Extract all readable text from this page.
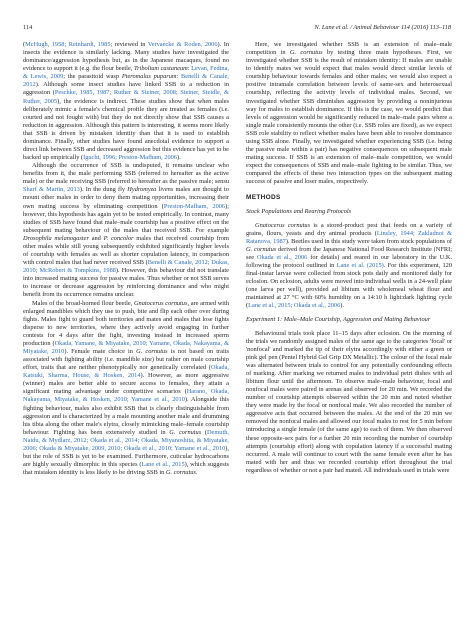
114	N. Lane et al. / Animal Behaviour 114 (2016) 113–118

(McHugh, 1958; Reinhardt, 1985; reviewed in Vervaecke & Roden, 2006). In insects the evidence is similarly lacking. Many studies have investigated the dominance/aggression hypothesis but, as in the Japanese macaques, found no evidence to support it (e.g. the flour beetle, Tribolium castaneum: Levan, Fedina, & Lewis, 2009; the parasitoid wasp Pteromalus puparum: Benelli & Canale, 2012). Although some insect studies have linked SSB to a reduction in aggression (Peschke, 1985, 1987; Ruther & Steiner, 2008; Steiner, Steidle, & Ruther, 2005), the evidence is indirect. These studies show that when males deliberately mimic a female's chemical profile they are treated as females (i.e. courted and not fought with) but they do not directly show that SSB causes a reduction in aggression. Although this pattern is interesting, it seems more likely that SSB is driven by mistaken identity than that it is used to establish dominance. Finally, other studies have found anecdotal evidence to support a direct link between SSB and decreased aggression but this evidence has yet to be backed up empirically (Iguchi, 1996; Preston-Mafham, 2006).

Although the occurrence of SSB is undisputed, it remains unclear who benefits from it, the male performing SSB (referred to hereafter as the active male) or the male receiving SSB (referred to hereafter as the passive male; sensu Sharf & Martin, 2013). In the dung fly Hydromyza livens males are thought to mount other males in order to deny them mating opportunities, increasing their own mating success by eliminating competition (Preston-Mafham, 2006); however, this hypothesis has again yet to be tested empirically. In contrast, many studies of SSB have found that male–male courtship has a positive effect on the subsequent mating behaviour of the males that received SSB. For example Drosophila melanogaster and P. concolor males that received courtship from other males while still young subsequently exhibited significantly higher levels of courtship with females as well as shorter copulation latency, in comparison with control males that had never received SSB (Benelli & Canale, 2012; Dukas, 2010; McRobert & Tompkins, 1988). However, this behaviour did not translate into increased mating success for passive males. Thus whether or not SSB serves to increase or decrease aggression by reinforcing dominance and who might benefit from its occurrence remains unclear.

Males of the broad-horned flour beetle, Gnatocerus cornutus, are armed with enlarged mandibles which they use to push, bite and flip each other over during fights. Males fight to guard both territories and mates and males that lose fights disperse to new territories, where they actively avoid engaging in further contests for 4 days after the fight, investing instead in increased sperm production (Okada, Yamane, & Miyatake, 2010; Yamane, Okada, Nakayama, & Miyatake, 2010). Female mate choice in G. cornutus is not based on traits associated with fighting ability (i.e. mandible size) but rather on male courtship effort, traits that are neither phenotypically nor genetically correlated (Okada, Katsuki, Sharma, House, & Hosken, 2014). However, as more aggressive (winner) males are better able to secure access to females, they attain a significant mating advantage under competitive scenarios (Harano, Okada, Nakayama, Miyatake, & Hosken, 2010; Yamane et al., 2010). Alongside this fighting behaviour, males also exhibit SSB that is clearly distinguishable from aggression and is characterized by a male mounting another male and drumming his tibia along the other male's elytra, closely mimicking male–female courtship behaviour. Fighting has been extensively studied in G. cornutus (Demuth, Naidu, & Mydlarz, 2012; Okada et al., 2014; Okada, Miyanoshita, & Miyatake, 2006; Okada & Miyatake, 2009, 2010; Okada et al., 2010; Yamane et al., 2010), but the role of SSB is yet to be examined. Furthermore, cuticular hydrocarbons are highly sexually dimorphic in this species (Lane et al., 2015), which suggests that mistaken identity is less likely to be driving SSB in G. cornutus.

Here, we investigated whether SSB is an extension of male–male competition in G. cornutus by testing three main hypotheses. First, we investigated whether SSB is the result of mistaken identity: If males are unable to identify mates we would expect that males would direct similar levels of courtship behaviour towards females and other males; we would also expect a positive intramale correlation between levels of same-sex and heterosexual courtship, reflecting the activity levels of individual males. Second, we investigated whether SSB diminishes aggression by providing a noninjurious way for males to establish dominance. If this is the case, we would predict that levels of aggression would be significantly reduced in male–male pairs where a single male consistently mounts the other (i.e. SSB roles are fixed), as we expect SSB role stability to reflect whether males have been able to resolve dominance using SSB alone. Finally, we investigated whether experiencing SSB (i.e. being the passive male within a pair) has negative consequences on subsequent male mating success. If SSB is an extension of male–male competition, we would expect the consequences of SSB and male–male fighting to be similar. Thus, we compared the effects of these two interaction types on the subsequent mating success of passive and loser males, respectively.

METHODS
Stock Populations and Rearing Protocols

Gnatocerus cornutus is a stored-product pest that feeds on a variety of grains, flours, yeasts and dry animal products (Linsley, 1944; Zakladnoi & Ratanova, 1987). Beetles used in this study were taken from stock populations of G. cornutus derived from the Japanese National Food Research Institute (NFRI; see Okada et al., 2006 for details) and reared in our laboratory in the U.K. following the protocol outlined in Lane et al. (2015). For this experiment, 120 final-instar larvae were collected from stock pots daily and monitored daily for eclosion. On eclosion, adults were moved into individual wells in a 24-well plate (one larva per well), provided ad libitum with wholemeal wheat flour and maintained at 27 °C with 60% humidity on a 14:10 h light:dark lighting cycle (Lane et al., 2015; Okada et al., 2006).

Experiment 1: Male–Male Courtship, Aggression and Mating Behaviour

Behavioural trials took place 11–15 days after eclosion. On the morning of the trials we randomly assigned males of the same age to the categories 'focal' or 'nonfocal' and marked the tip of their elytra accordingly with either a green or pink gel pen (Pentel Hybrid Gel Grip DX Metallic). The colour of the focal male was alternated between trials to control for any potentially confounding effects of marking. After marking we returned males to individual petri dishes with ad libitum flour until the afternoon. To observe male–male behaviour, focal and nonfocal males were paired in arenas and observed for 20 min. We recorded the number of courtship attempts observed within the 20 min and noted whether they were made by the focal or nonfocal male. We also recorded the number of aggressive acts that occurred between the males. At the end of the 20 min we removed the nonfocal males and allowed our focal males to rest for 5 min before introducing a single female (of the same age) to each of them. We then observed these opposite-sex pairs for a further 20 min recording the number of courtship attempts (courtship effort) along with copulation latency if a successful mating occurred. A male will continue to court with the same female even after he has mated with her and thus we recorded courtship effort throughout the trial regardless of whether or not a pair had mated. All individuals used in trials were
